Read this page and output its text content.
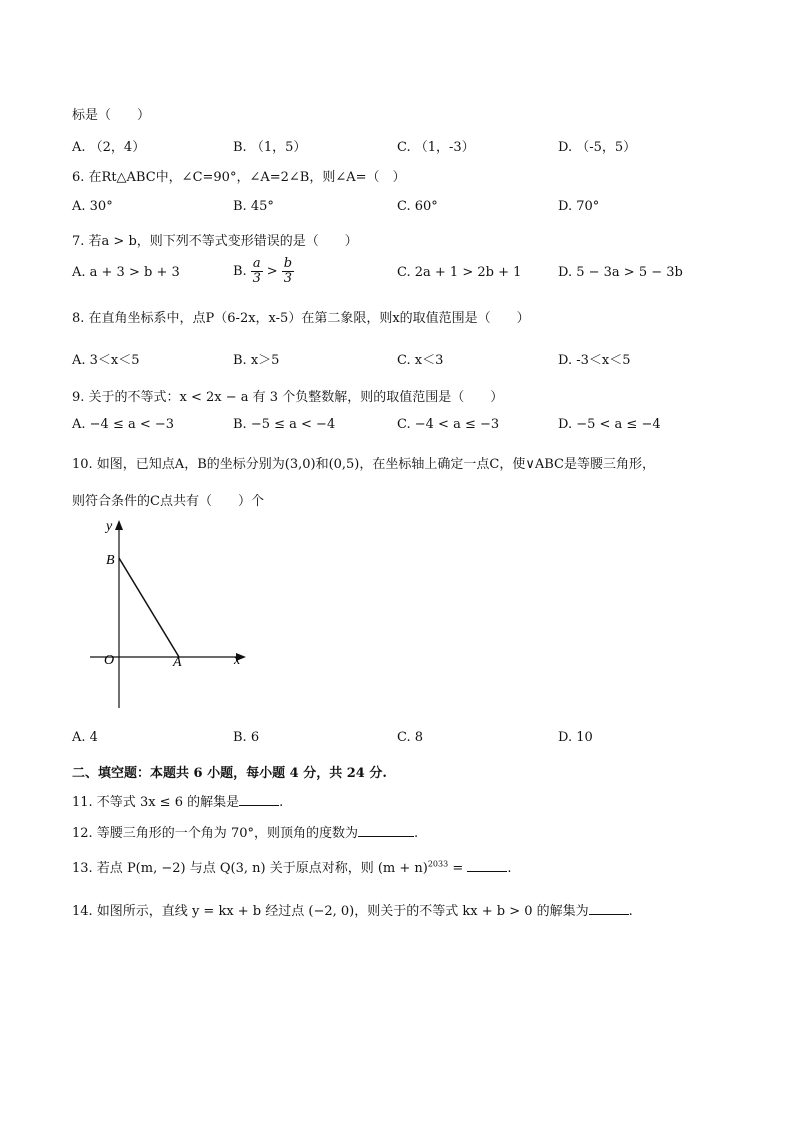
标是（　　）
A. （2，4）	B. （1，5）	C. （1，-3）	D. （-5，5）
6. 在Rt△ABC中，∠C=90°，∠A=2∠B，则∠A=（　）
A. 30°	B. 45°	C. 60°	D. 70°
7. 若a > b，则下列不等式变形错误的是（　　）
A. a + 3 > b + 3	B. $\frac{a}{3} > \frac{b}{3}$	C. 2a + 1 > 2b + 1	D. 5 − 3a > 5 − 3b
8. 在直角坐标系中，点P（6-2x，x-5）在第二象限，则x的取值范围是（　　）
A. 3＜x＜5	B. x＞5	C. x＜3	D. -3＜x＜5
9. 关于的不等式：x < 2x − a 有 3 个负整数解，则的取值范围是（　　）
A. −4 ≤ a < −3	B. −5 ≤ a < −4	C. −4 < a ≤ −3	D. −5 < a ≤ −4
10. 如图，已知点A，B的坐标分别为(3,0)和(0,5)，在坐标轴上确定一点C，使∨ABC是等腰三角形，
则符合条件的C点共有（　　）个
y
B
O	A	x
A. 4	B. 6	C. 8	D. 10
二、填空题：本题共 6 小题，每小题 4 分，共 24 分.
11. 不等式 3x ≤ 6 的解集是	.
12. 等腰三角形的一个角为 70°，则顶角的度数为	.
13. 若点 P(m, −2) 与点 Q(3, n) 关于原点对称，则 $(m + n)^{2033}$ =	.
14. 如图所示，直线 y = kx + b 经过点 (−2, 0)，则关于的不等式 kx + b > 0 的解集为	.
